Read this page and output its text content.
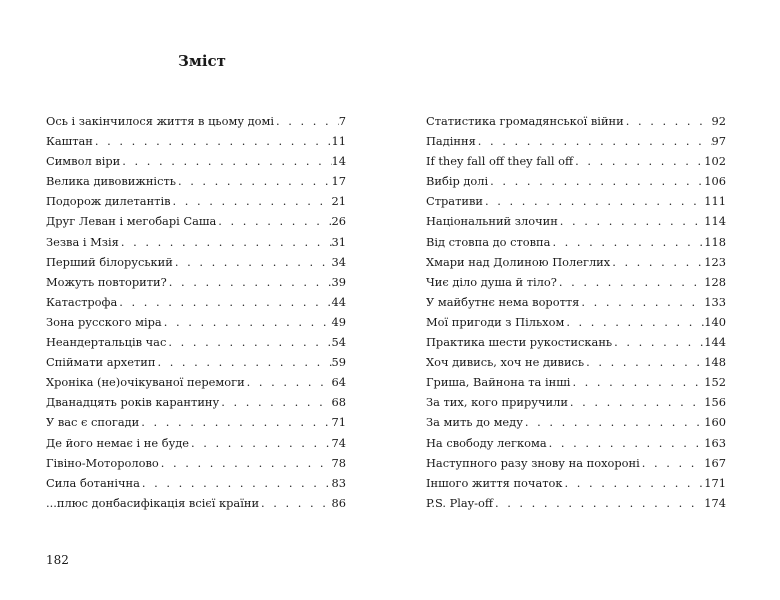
Зміст
Ось і закінчилося життя в цьому домі . . .	7
Каштан . . .	11
Символ віри . . .	14
Велика дивовижність . . .	17
Подорож дилетантів . . .	21
Друг Леван і мегобарі Саша . . .	26
Зезва і Мзія . . .	31
Перший білоруський . . .	34
Можуть повторити? . . .	39
Катастрофа . . .	44
Зона русского міра . . .	49
Неандертальців час . . .	54
Спіймати архетип . . .	59
Хроніка (не)очікуваної перемоги . . .	64
Дванадцять років карантину . . .	68
У вас є спогади . . .	71
Де його немає і не буде . . .	74
Гівіно-Моторолово . . .	78
Сила ботанічна . . .	83
...плюс донбасифікація всієї країни . . .	86
Статистика громадянської війни . . .	92
Падіння . . .	97
If they fall off they fall off . . .	102
Вибір долі . . .	106
Стративи . . .	111
Національний злочин . . .	114
Від стовпа до стовпа . . .	118
Хмари над Долиною Полеглих . . .	123
Чиє діло душа й тіло? . . .	128
У майбутнє нема вороття . . .	133
Мої пригоди з Пільхом . . .	140
Практика шести рукостискань . . .	144
Хоч дивись, хоч не дивись . . .	148
Гриша, Вайнона та інші . . .	152
За тих, кого приручили . . .	156
За мить до меду . . .	160
На свободу легкома . . .	163
Наступного разу знову на похороні . . .	167
Іншого життя початок . . .	171
P.S. Play-off . . .	174
182
